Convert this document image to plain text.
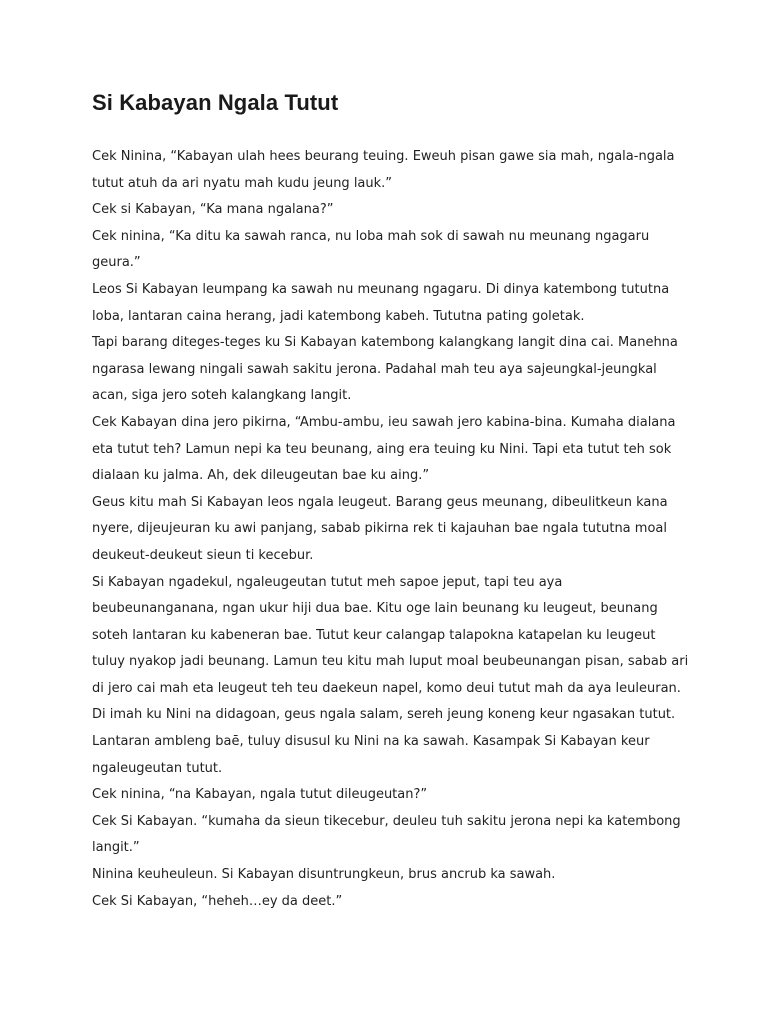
Si Kabayan Ngala Tutut

Cek Ninina, “Kabayan ulah hees beurang teuing. Eweuh pisan gawe sia mah, ngala-ngala tutut atuh da ari nyatu mah kudu jeung lauk.”

Cek si Kabayan, “Ka mana ngalana?”

Cek ninina, “Ka ditu ka sawah ranca, nu loba mah sok di sawah nu meunang ngagaru geura.”

Leos Si Kabayan leumpang ka sawah nu meunang ngagaru. Di dinya katembong tututna loba, lantaran caina herang, jadi katembong kabeh. Tututna pating goletak.

Tapi barang diteges-teges ku Si Kabayan katembong kalangkang langit dina cai. Manehna ngarasa lewang ningali sawah sakitu jerona. Padahal mah teu aya sajeungkal-jeungkal acan, siga jero soteh kalangkang langit.

Cek Kabayan dina jero pikirna, “Ambu-ambu, ieu sawah jero kabina-bina. Kumaha dialana eta tutut teh? Lamun nepi ka teu beunang, aing era teuing ku Nini. Tapi eta tutut teh sok dialaan ku jalma. Ah, dek dileugeutan bae ku aing.”

Geus kitu mah Si Kabayan leos ngala leugeut. Barang geus meunang, dibeulitkeun kana nyere, dijeujeuran ku awi panjang, sabab pikirna rek ti kajauhan bae ngala tututna moal deukeut-deukeut sieun ti kecebur.

Si Kabayan ngadekul, ngaleugeutan tutut meh sapoe jeput, tapi teu aya beubeunanganana, ngan ukur hiji dua bae. Kitu oge lain beunang ku leugeut, beunang soteh lantaran ku kabeneran bae. Tutut keur calangap talapokna katapelan ku leugeut tuluy nyakop jadi beunang. Lamun teu kitu mah luput moal beubeunangan pisan, sabab ari di jero cai mah eta leugeut teh teu daekeun napel, komo deui tutut mah da aya leuleuran.

Di imah ku Nini na didagoan, geus ngala salam, sereh jeung koneng keur ngasakan tutut. Lantaran ambleng baē, tuluy disusul ku Nini na ka sawah. Kasampak Si Kabayan keur ngaleugeutan tutut.

Cek ninina, “na Kabayan, ngala tutut dileugeutan?”

Cek Si Kabayan. “kumaha da sieun tikecebur, deuleu tuh sakitu jerona nepi ka katembong langit.”

Ninina keuheuleun. Si Kabayan disuntrungkeun, brus ancrub ka sawah.

Cek Si Kabayan, “heheh…ey da deet.”
